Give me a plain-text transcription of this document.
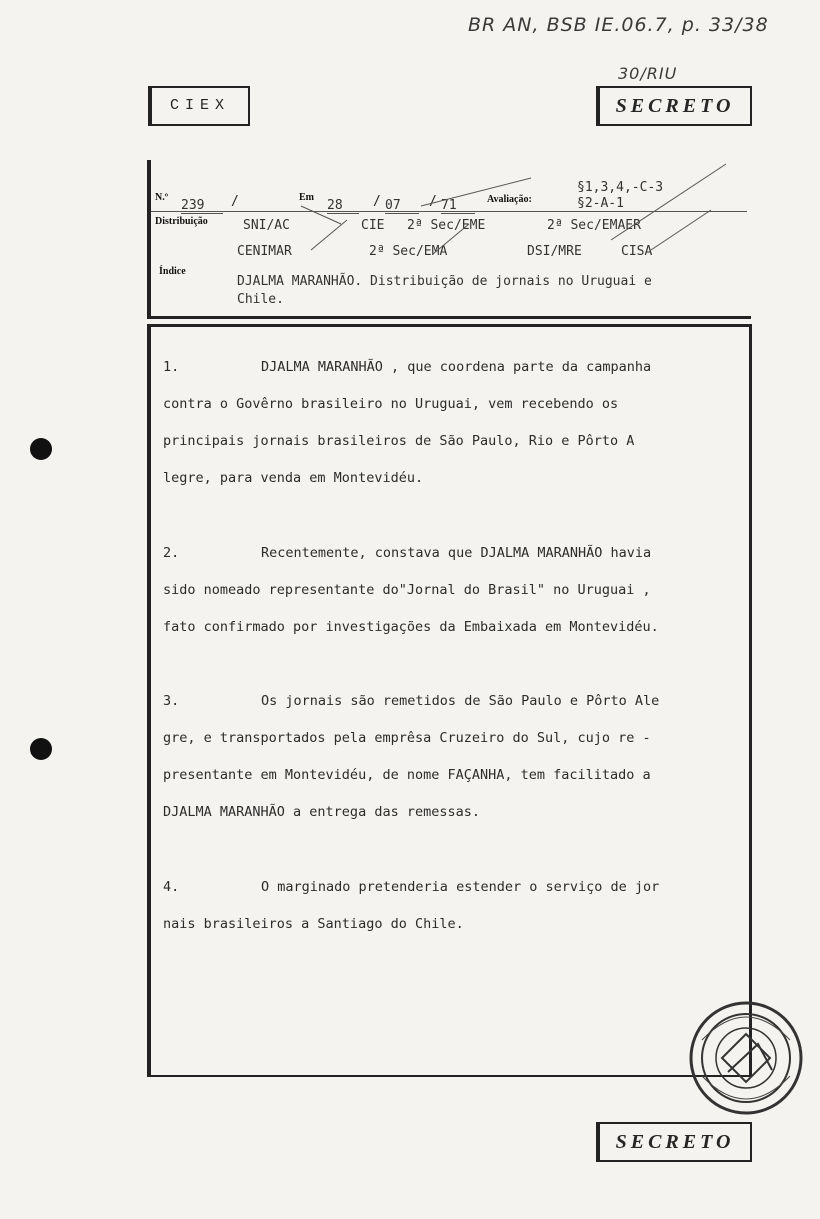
BR AN, BSB IE.06.7, p. 33/38
30/RIU
CIEX	SECRETO
N.º
239	/	Em
28	/ 07	/ 71	Avaliação:
§1,3,4,-C-3
§2-A-1
Distribuição	SNI/AC	CIE 2ª Sec/EME	2ª Sec/EMAER
CENIMAR	2ª Sec/EMA	DSI/MRE	CISA
Índice
DJALMA MARANHÃO. Distribuição de jornais no Uruguai e
Chile.
1.	DJALMA MARANHÃO , que coordena parte da campanha
contra o Govêrno brasileiro no Uruguai, vem recebendo os
principais jornais brasileiros de São Paulo, Rio e Pôrto A
legre, para venda em Montevidéu.
2.	Recentemente, constava que DJALMA MARANHÃO havia
sido nomeado representante do"Jornal do Brasil" no Uruguai ,
fato confirmado por investigações da Embaixada em Montevidéu.
3.	Os jornais são remetidos de São Paulo e Pôrto Ale
gre, e transportados pela emprêsa Cruzeiro do Sul, cujo re -
presentante em Montevidéu, de nome FAÇANHA, tem facilitado a
DJALMA MARANHÃO a entrega das remessas.
4.	O marginado pretenderia estender o serviço de jor
nais brasileiros a Santiago do Chile.
SECRETO
